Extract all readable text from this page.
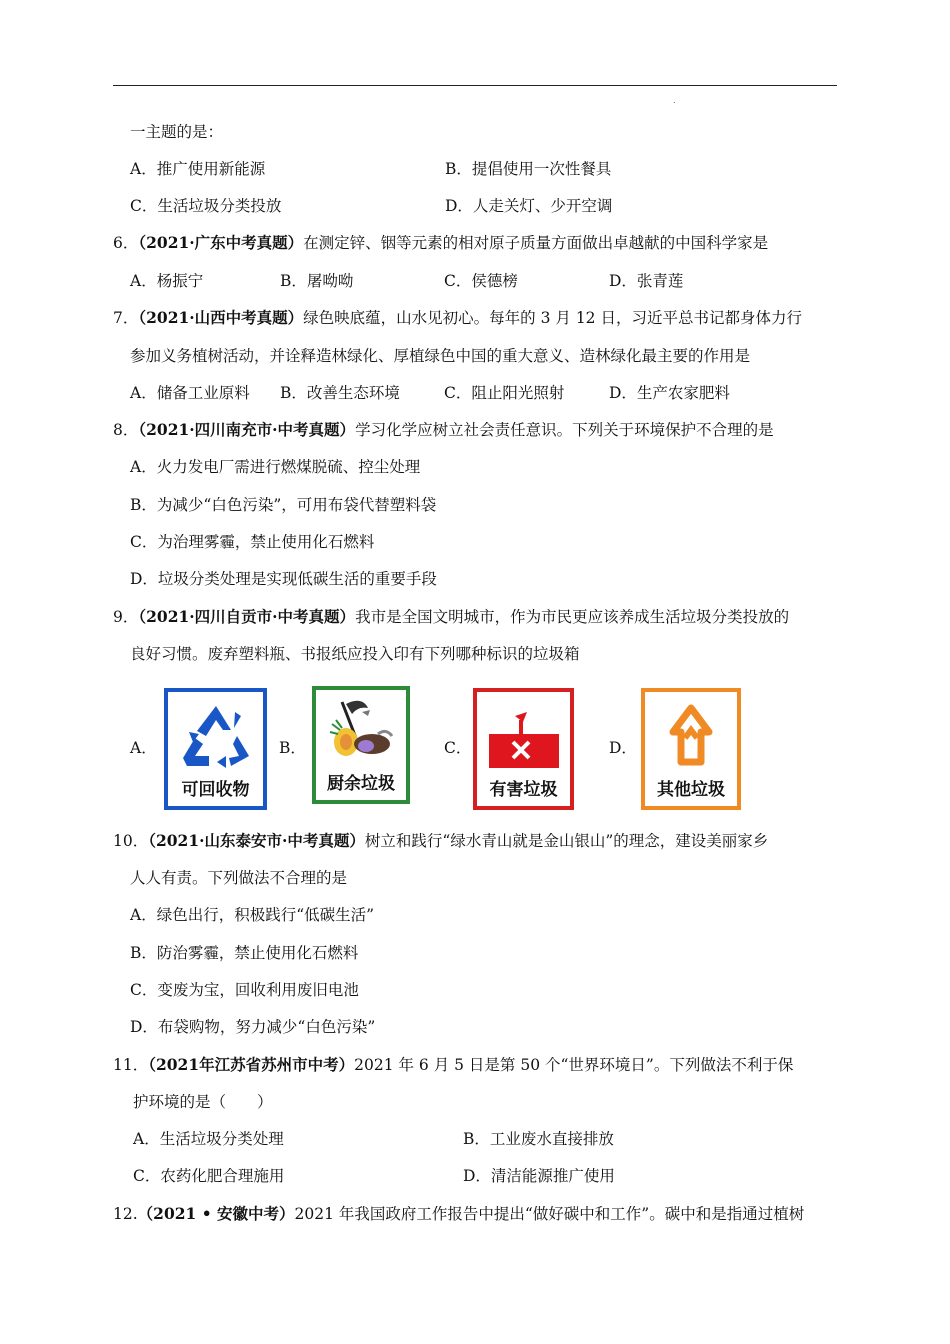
.
一主题的是：
A．推广使用新能源	B．提倡使用一次性餐具
C．生活垃圾分类投放	D．人走关灯、少开空调
6．（2021·广东中考真题）在测定锌、铟等元素的相对原子质量方面做出卓越献的中国科学家是
A．杨振宁	B．屠呦呦	C．侯德榜	D．张青莲
7．（2021·山西中考真题）绿色映底蕴，山水见初心。每年的 3 月 12 日，习近平总书记都身体力行
参加义务植树活动，并诠释造林绿化、厚植绿色中国的重大意义、造林绿化最主要的作用是
A．储备工业原料 B．改善生态环境	C．阻止阳光照射	D．生产农家肥料
8．（2021·四川南充市·中考真题）学习化学应树立社会责任意识。下列关于环境保护不合理的是
A．火力发电厂需进行燃煤脱硫、控尘处理
B．为减少“白色污染”，可用布袋代替塑料袋
C．为治理雾霾，禁止使用化石燃料
D．垃圾分类处理是实现低碳生活的重要手段
9．（2021·四川自贡市·中考真题）我市是全国文明城市，作为市民更应该养成生活垃圾分类投放的
良好习惯。废弃塑料瓶、书报纸应投入印有下列哪种标识的垃圾箱
A．	B．	C．	D．
可回收物	厨余垃圾	有害垃圾	其他垃圾
10．（2021·山东泰安市·中考真题）树立和践行“绿水青山就是金山银山”的理念，建设美丽家乡
人人有责。下列做法不合理的是
A．绿色出行，积极践行“低碳生活”
B．防治雾霾，禁止使用化石燃料
C．变废为宝，回收利用废旧电池
D．布袋购物，努力减少“白色污染”
11．（2021年江苏省苏州市中考）2021 年 6 月 5 日是第 50 个“世界环境日”。下列做法不利于保
护环境的是（　　）
A．生活垃圾分类处理	B．工业废水直接排放
C．农药化肥合理施用	D．清洁能源推广使用
12.（2021 • 安徽中考）2021 年我国政府工作报告中提出“做好碳中和工作”。碳中和是指通过植树
